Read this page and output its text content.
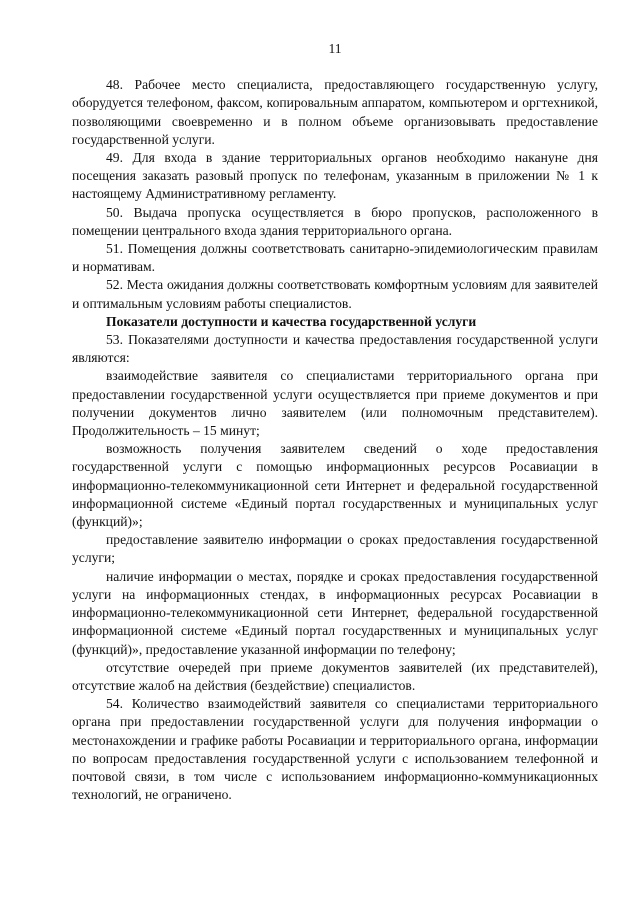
11

48. Рабочее место специалиста, предоставляющего государственную услугу, оборудуется телефоном, факсом, копировальным аппаратом, компьютером и оргтехникой, позволяющими своевременно и в полном объеме организовывать предоставление государственной услуги.

49. Для входа в здание территориальных органов необходимо накануне дня посещения заказать разовый пропуск по телефонам, указанным в приложении № 1 к настоящему Административному регламенту.

50. Выдача пропуска осуществляется в бюро пропусков, расположенного в помещении центрального входа здания территориального органа.

51. Помещения должны соответствовать санитарно-эпидемиологическим правилам и нормативам.

52. Места ожидания должны соответствовать комфортным условиям для заявителей и оптимальным условиям работы специалистов.

Показатели доступности и качества государственной услуги

53. Показателями доступности и качества предоставления государственной услуги являются:

взаимодействие заявителя со специалистами территориального органа при предоставлении государственной услуги осуществляется при приеме документов и при получении документов лично заявителем (или полномочным представителем). Продолжительность – 15 минут;

возможность получения заявителем сведений о ходе предоставления государственной услуги с помощью информационных ресурсов Росавиации в информационно-телекоммуникационной сети Интернет и федеральной государственной информационной системе «Единый портал государственных и муниципальных услуг (функций)»;

предоставление заявителю информации о сроках предоставления государственной услуги;

наличие информации о местах, порядке и сроках предоставления государственной услуги на информационных стендах, в информационных ресурсах Росавиации в информационно-телекоммуникационной сети Интернет, федеральной государственной информационной системе «Единый портал государственных и муниципальных услуг (функций)», предоставление указанной информации по телефону;

отсутствие очередей при приеме документов заявителей (их представителей), отсутствие жалоб на действия (бездействие) специалистов.

54. Количество взаимодействий заявителя со специалистами территориального органа при предоставлении государственной услуги для получения информации о местонахождении и графике работы Росавиации и территориального органа, информации по вопросам предоставления государственной услуги с использованием телефонной и почтовой связи, в том числе с использованием информационно-коммуникационных технологий, не ограничено.
